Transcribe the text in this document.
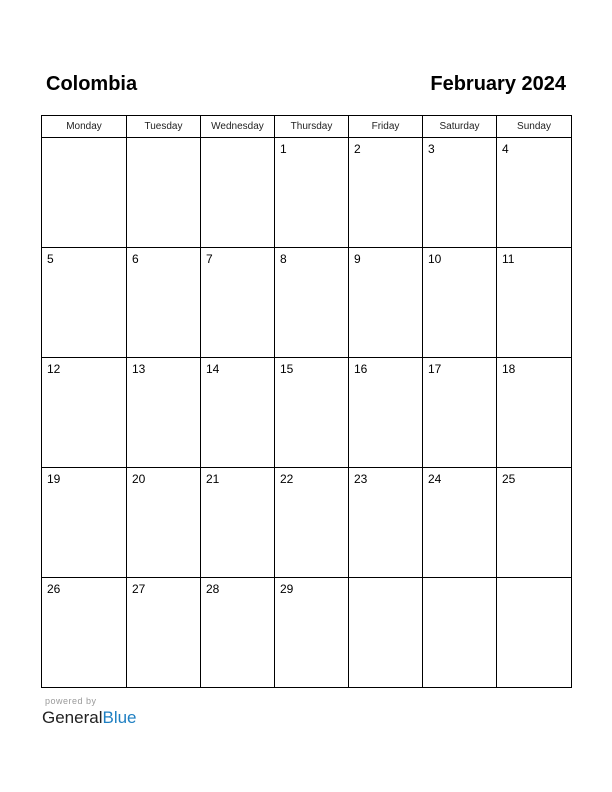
Colombia	February 2024
Monday	Tuesday	Wednesday	Thursday	Friday	Saturday	Sunday

			1	2	3	4

5	6	7	8	9	10	11

12	13	14	15	16	17	18

19	20	21	22	23	24	25

26	27	28	29			

powered by
GeneralBlue
